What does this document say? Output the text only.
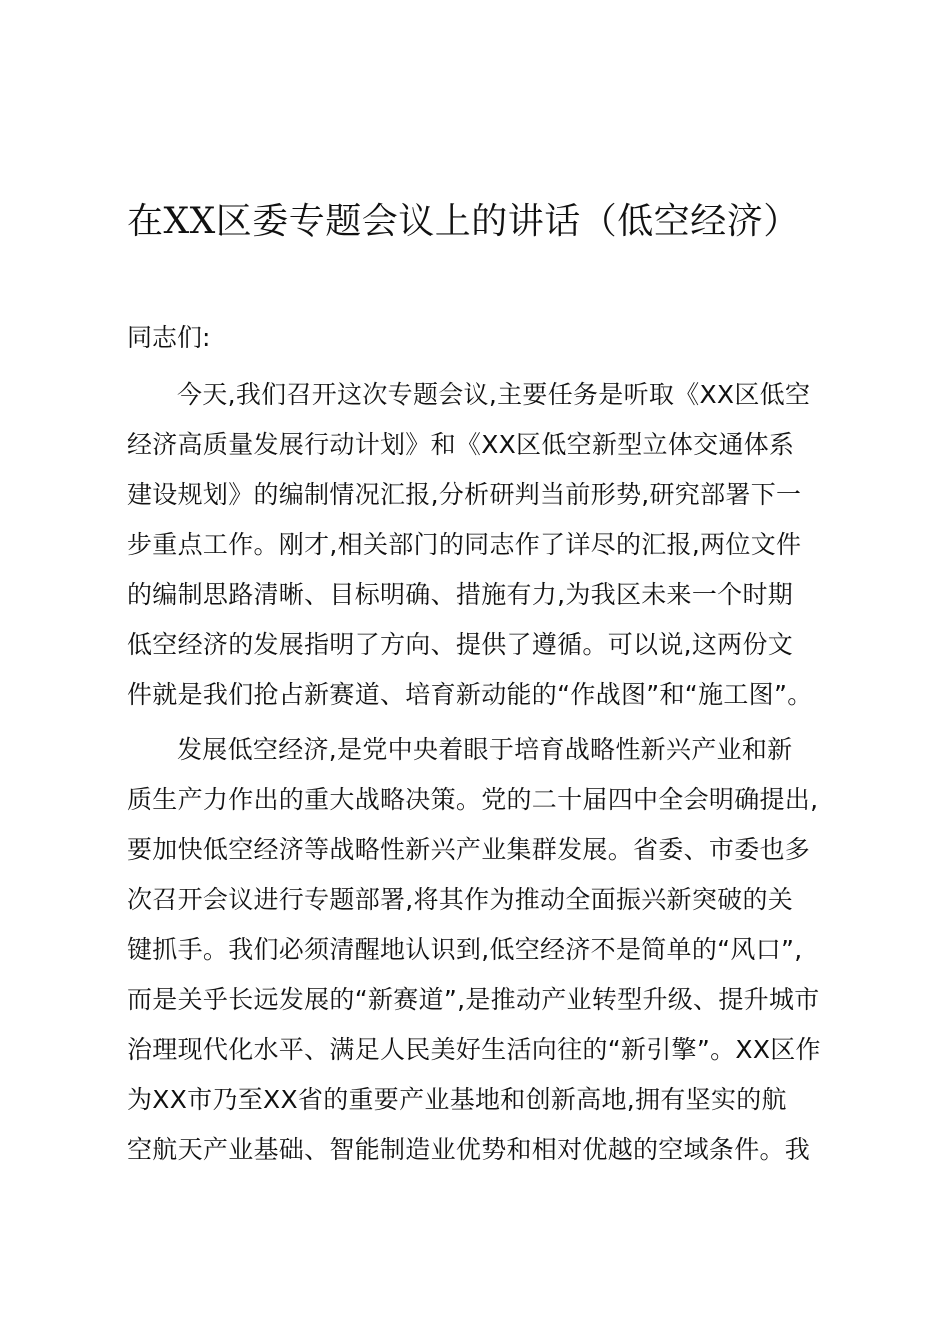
在XX区委专题会议上的讲话（低空经济）

同志们:

今天,我们召开这次专题会议,主要任务是听取《XX区低空
经济高质量发展行动计划》和《XX区低空新型立体交通体系
建设规划》的编制情况汇报,分析研判当前形势,研究部署下一
步重点工作。刚才,相关部门的同志作了详尽的汇报,两位文件
的编制思路清晰、目标明确、措施有力,为我区未来一个时期
低空经济的发展指明了方向、提供了遵循。可以说,这两份文
件就是我们抢占新赛道、培育新动能的“作战图”和“施工图”。
发展低空经济,是党中央着眼于培育战略性新兴产业和新
质生产力作出的重大战略决策。党的二十届四中全会明确提出,
要加快低空经济等战略性新兴产业集群发展。省委、市委也多
次召开会议进行专题部署,将其作为推动全面振兴新突破的关
键抓手。我们必须清醒地认识到,低空经济不是简单的“风口”,
而是关乎长远发展的“新赛道”,是推动产业转型升级、提升城市
治理现代化水平、满足人民美好生活向往的“新引擎”。XX区作
为XX市乃至XX省的重要产业基地和创新高地,拥有坚实的航
空航天产业基础、智能制造业优势和相对优越的空域条件。我
